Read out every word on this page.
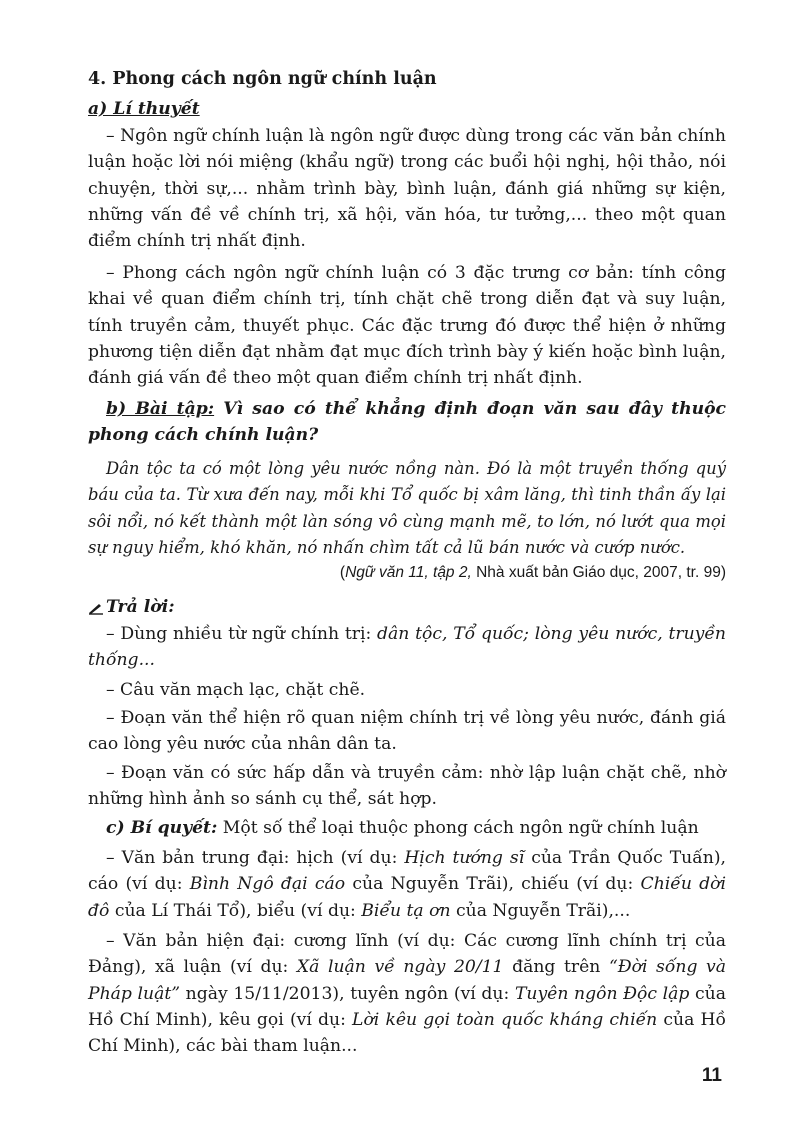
4. Phong cách ngôn ngữ chính luận

a) Lí thuyết

– Ngôn ngữ chính luận là ngôn ngữ được dùng trong các văn bản chính luận hoặc lời nói miệng (khẩu ngữ) trong các buổi hội nghị, hội thảo, nói chuyện, thời sự,... nhằm trình bày, bình luận, đánh giá những sự kiện, những vấn đề về chính trị, xã hội, văn hóa, tư tưởng,... theo một quan điểm chính trị nhất định.

– Phong cách ngôn ngữ chính luận có 3 đặc trưng cơ bản: tính công khai về quan điểm chính trị, tính chặt chẽ trong diễn đạt và suy luận, tính truyền cảm, thuyết phục. Các đặc trưng đó được thể hiện ở những phương tiện diễn đạt nhằm đạt mục đích trình bày ý kiến hoặc bình luận, đánh giá vấn đề theo một quan điểm chính trị nhất định.

b) Bài tập: Vì sao có thể khẳng định đoạn văn sau đây thuộc phong cách chính luận?

Dân tộc ta có một lòng yêu nước nồng nàn. Đó là một truyền thống quý báu của ta. Từ xưa đến nay, mỗi khi Tổ quốc bị xâm lăng, thì tinh thần ấy lại sôi nổi, nó kết thành một làn sóng vô cùng mạnh mẽ, to lớn, nó lướt qua mọi sự nguy hiểm, khó khăn, nó nhấn chìm tất cả lũ bán nước và cướp nước.

(Ngữ văn 11, tập 2, Nhà xuất bản Giáo dục, 2007, tr. 99)

Trả lời:

– Dùng nhiều từ ngữ chính trị: dân tộc, Tổ quốc; lòng yêu nước, truyền thống...

– Câu văn mạch lạc, chặt chẽ.

– Đoạn văn thể hiện rõ quan niệm chính trị về lòng yêu nước, đánh giá cao lòng yêu nước của nhân dân ta.

– Đoạn văn có sức hấp dẫn và truyền cảm: nhờ lập luận chặt chẽ, nhờ những hình ảnh so sánh cụ thể, sát hợp.

c) Bí quyết: Một số thể loại thuộc phong cách ngôn ngữ chính luận

– Văn bản trung đại: hịch (ví dụ: Hịch tướng sĩ của Trần Quốc Tuấn), cáo (ví dụ: Bình Ngô đại cáo của Nguyễn Trãi), chiếu (ví dụ: Chiếu dời đô của Lí Thái Tổ), biểu (ví dụ: Biểu tạ ơn của Nguyễn Trãi),...

– Văn bản hiện đại: cương lĩnh (ví dụ: Các cương lĩnh chính trị của Đảng), xã luận (ví dụ: Xã luận về ngày 20/11 đăng trên “Đời sống và Pháp luật” ngày 15/11/2013), tuyên ngôn (ví dụ: Tuyên ngôn Độc lập của Hồ Chí Minh), kêu gọi (ví dụ: Lời kêu gọi toàn quốc kháng chiến của Hồ Chí Minh), các bài tham luận...

11
